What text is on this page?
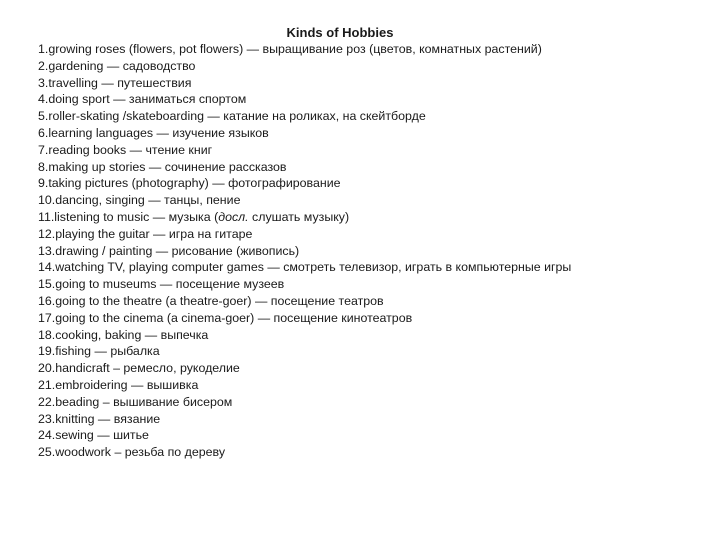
Kinds of Hobbies
1.growing roses (flowers, pot flowers) — выращивание роз (цветов, комнатных растений)
2.gardening — садоводство
3.travelling — путешествия
4.doing sport — заниматься спортом
5.roller-skating /skateboarding — катание на роликах, на скейтборде
6.learning languages — изучение языков
7.reading books — чтение книг
8.making up stories — сочинение рассказов
9.taking pictures (photography) — фотографирование
10.dancing, singing — танцы, пение
11.listening to music — музыка (досл. слушать музыку)
12.playing the guitar — игра на гитаре
13.drawing / painting — рисование (живопись)
14.watching TV, playing computer games — смотреть телевизор, играть в компьютерные игры
15.going to museums — посещение музеев
16.going to the theatre (a theatre-goer) — посещение театров
17.going to the cinema (a cinema-goer) — посещение кинотеатров
18.cooking, baking — выпечка
19.fishing — рыбалка
20.handicraft – ремесло, рукоделие
21.embroidering — вышивка
22.beading – вышивание бисером
23.knitting — вязание
24.sewing — шитье
25.woodwork – резьба по дереву
